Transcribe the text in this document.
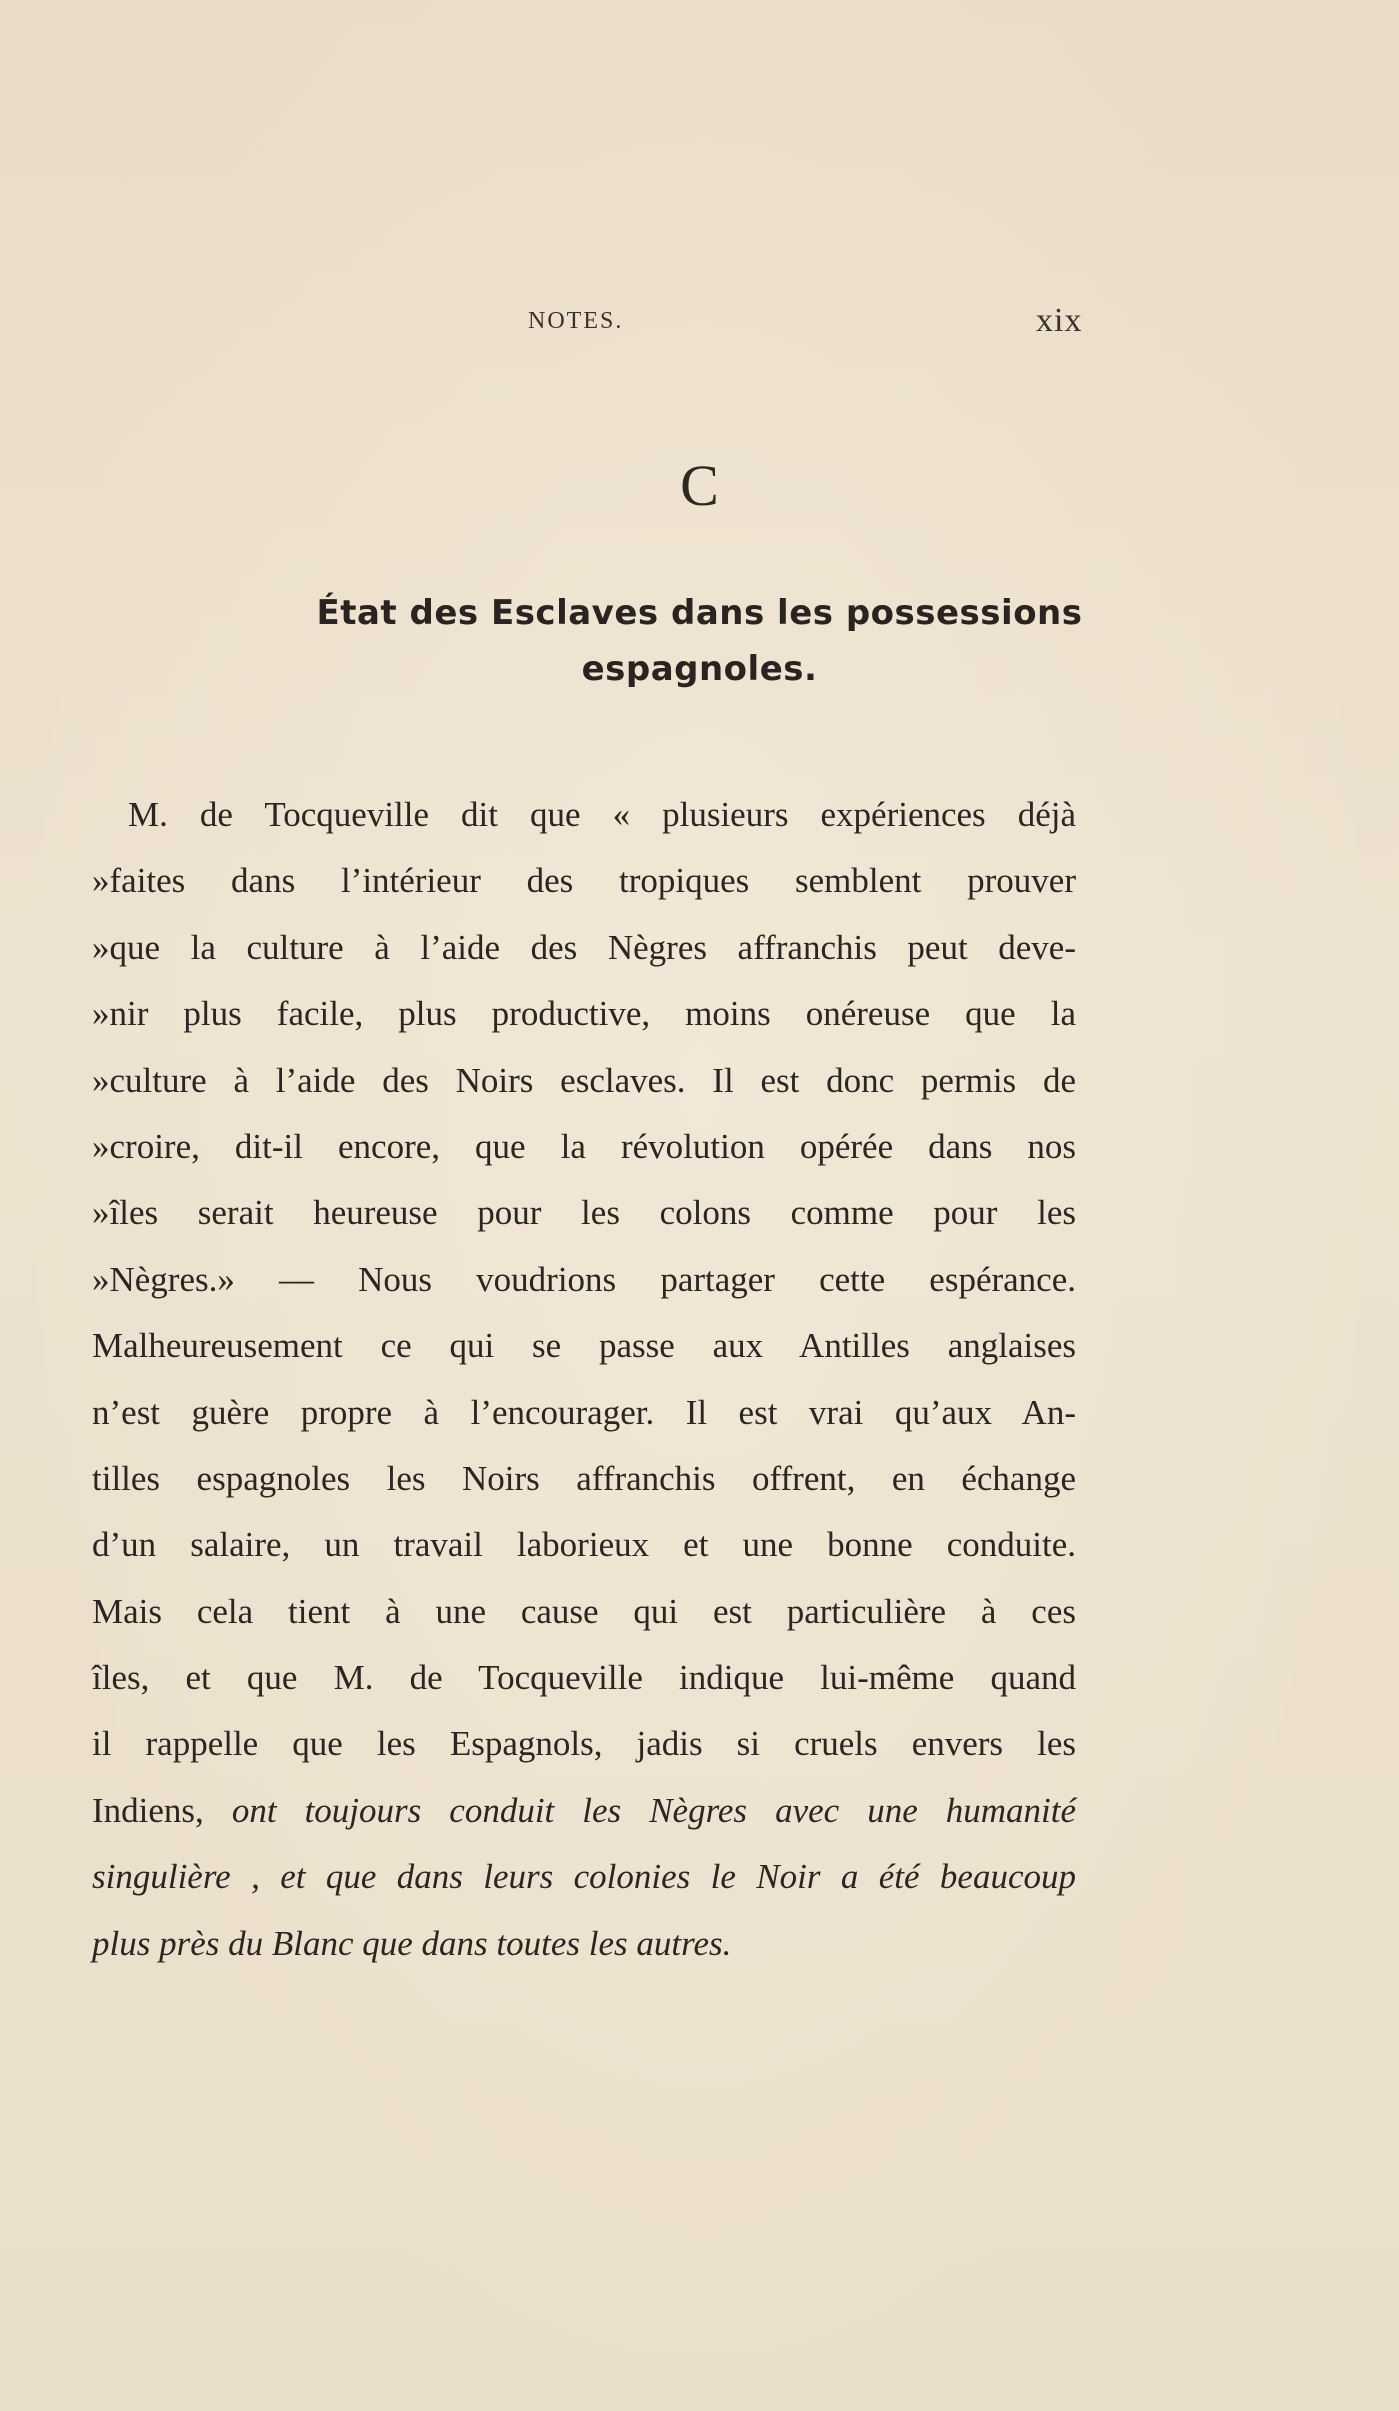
NOTES.	xix
C
État des Esclaves dans les possessions
espagnoles.
M. de Tocqueville dit que « plusieurs expériences déjà
»faites dans l’intérieur des tropiques semblent prouver
»que la culture à l’aide des Nègres affranchis peut deve-
»nir plus facile, plus productive, moins onéreuse que la
»culture à l’aide des Noirs esclaves. Il est donc permis de
»croire, dit-il encore, que la révolution opérée dans nos
»îles serait heureuse pour les colons comme pour les
»Nègres.» — Nous voudrions partager cette espérance.
Malheureusement ce qui se passe aux Antilles anglaises
n’est guère propre à l’encourager. Il est vrai qu’aux An-
tilles espagnoles les Noirs affranchis offrent, en échange
d’un salaire, un travail laborieux et une bonne conduite.
Mais cela tient à une cause qui est particulière à ces
îles, et que M. de Tocqueville indique lui-même quand
il rappelle que les Espagnols, jadis si cruels envers les
Indiens, ont toujours conduit les Nègres avec une humanité
singulière , et que dans leurs colonies le Noir a été beaucoup
plus près du Blanc que dans toutes les autres.
